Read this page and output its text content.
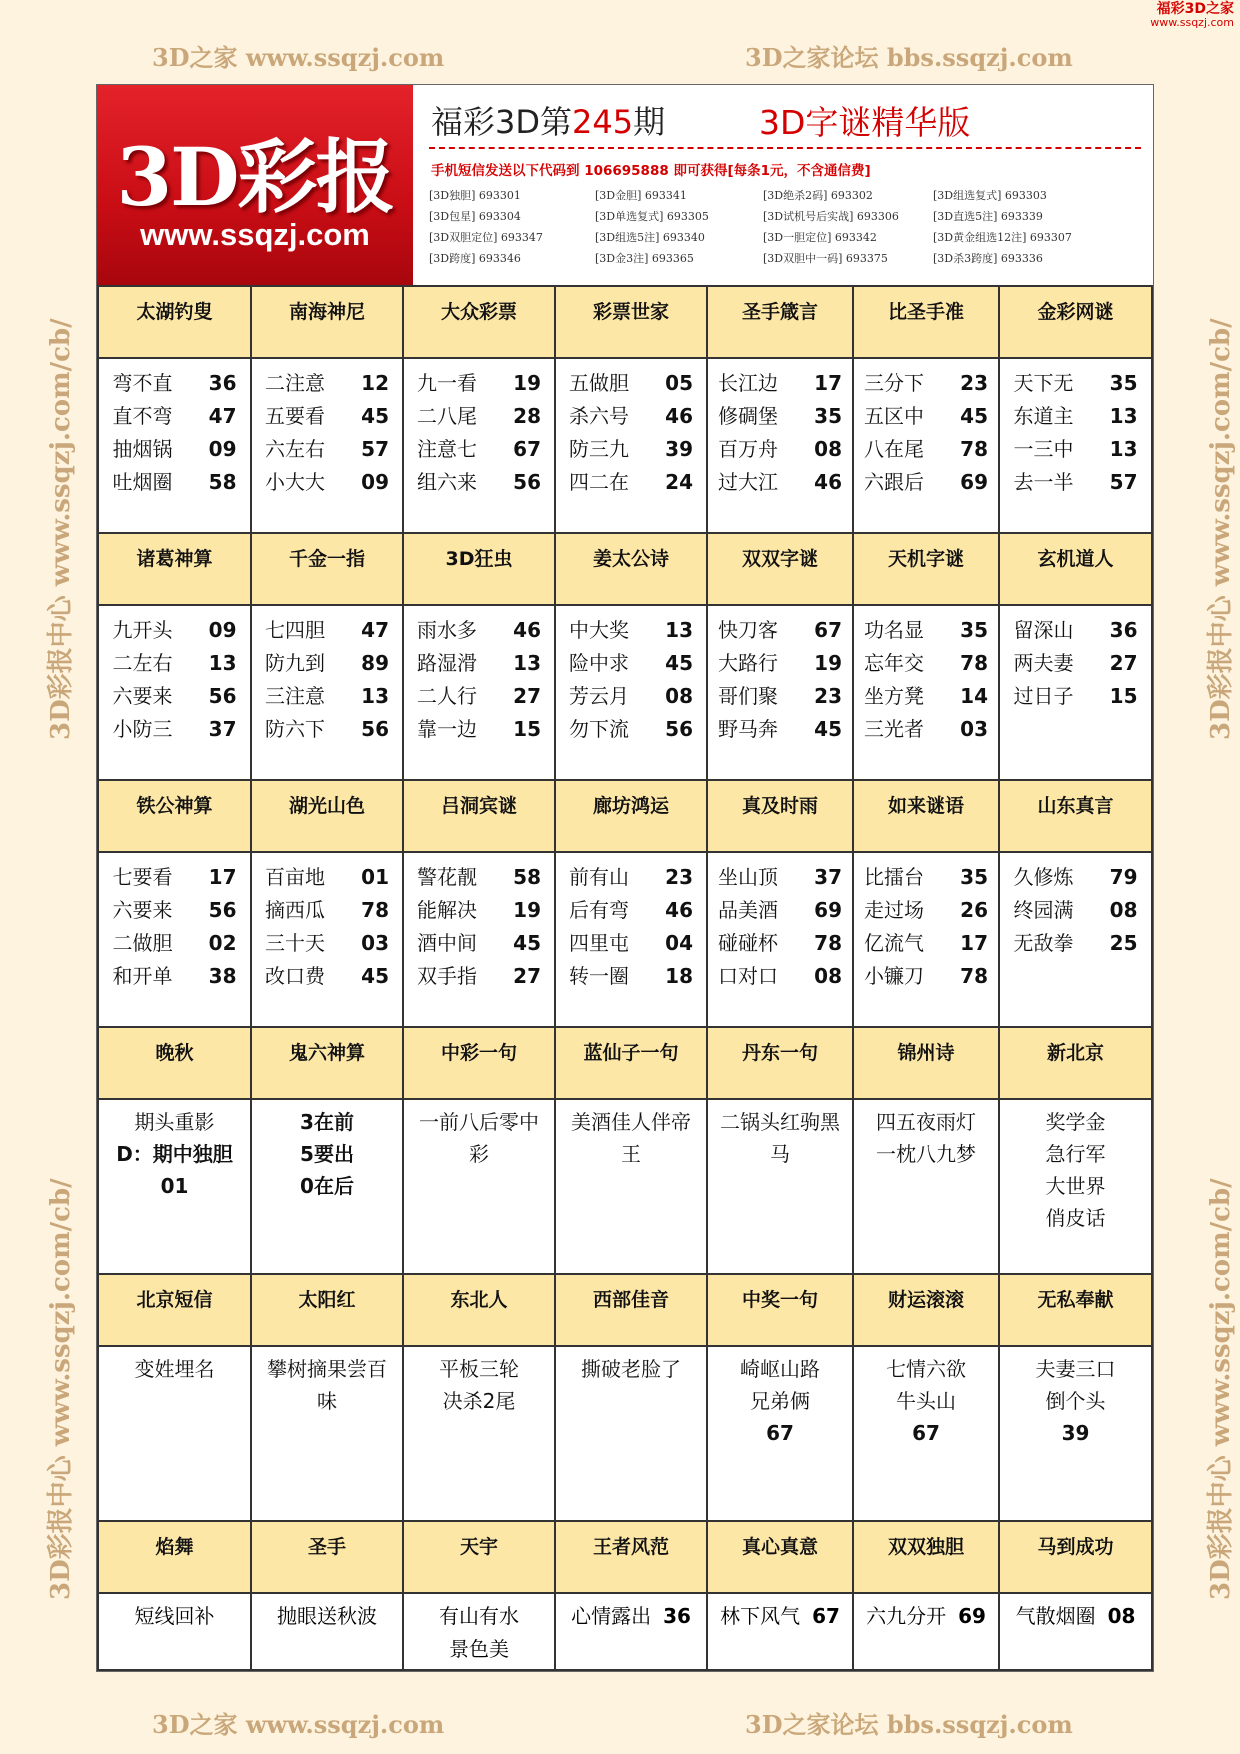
3D之家 www.ssqzj.com	3D之家论坛 bbs.ssqzj.com
3D之家 www.ssqzj.com	3D之家论坛 bbs.ssqzj.com
福彩3D之家
www.ssqzj.com
3D彩报中心 www.ssqzj.com/cb/
3D彩报中心 www.ssqzj.com/cb/
3D彩报中心 www.ssqzj.com/cb/
3D彩报中心 www.ssqzj.com/cb/
3D彩报
www.ssqzj.com
福彩3D第245期	3D字谜精华版
手机短信发送以下代码到 106695888 即可获得[每条1元，不含通信费]
[3D独胆] 693301	[3D金胆] 693341	[3D绝杀2码] 693302	[3D组选复式] 693303
[3D包星] 693304	[3D单选复式] 693305	[3D试机号后实战] 693306	[3D直选5注] 693339
[3D双胆定位] 693347	[3D组选5注] 693340	[3D一胆定位] 693342	[3D黄金组选12注] 693307
[3D跨度] 693346	[3D金3注] 693365	[3D双胆中一码] 693375	[3D杀3跨度] 693336
太湖钓叟
弯不直	36
直不弯	47
抽烟锅	09
吐烟圈	58
南海神尼
二注意	12
五要看	45
六左右	57
小大大	09
大众彩票
九一看	19
二八尾	28
注意七	67
组六来	56
彩票世家
五做胆	05
杀六号	46
防三九	39
四二在	24
圣手箴言
长江边	17
修碉堡	35
百万舟	08
过大江	46
比圣手准
三分下	23
五区中	45
八在尾	78
六跟后	69
金彩网谜
天下无	35
东道主	13
一三中	13
去一半	57
诸葛神算
九开头	09
二左右	13
六要来	56
小防三	37
千金一指
七四胆	47
防九到	89
三注意	13
防六下	56
3D狂虫
雨水多	46
路湿滑	13
二人行	27
靠一边	15
姜太公诗
中大奖	13
险中求	45
芳云月	08
勿下流	56
双双字谜
快刀客	67
大路行	19
哥们聚	23
野马奔	45
天机字谜
功名显	35
忘年交	78
坐方凳	14
三光者	03
玄机道人
留深山	36
两夫妻	27
过日子	15
铁公神算
七要看	17
六要来	56
二做胆	02
和开单	38
湖光山色
百亩地	01
摘西瓜	78
三十天	03
改口费	45
吕洞宾谜
警花靓	58
能解决	19
酒中间	45
双手指	27
廊坊鸿运
前有山	23
后有弯	46
四里屯	04
转一圈	18
真及时雨
坐山顶	37
品美酒	69
碰碰杯	78
口对口	08
如来谜语
比擂台	35
走过场	26
亿流气	17
小镰刀	78
山东真言
久修炼	79
终园满	08
无敌拳	25
晚秋
期头重影
D：期中独胆
01
鬼六神算
3在前
5要出
0在后
中彩一句
一前八后零中
彩
蓝仙子一句
美酒佳人伴帝
王
丹东一句
二锅头红驹黑
马
锦州诗
四五夜雨灯
一枕八九梦
新北京
奖学金
急行军
大世界
俏皮话
北京短信
变姓埋名
太阳红
攀树摘果尝百
味
东北人
平板三轮
决杀2尾
西部佳音
撕破老脸了
中奖一句
崎岖山路
兄弟俩
67
财运滚滚
七情六欲
牛头山
67
无私奉献
夫妻三口
倒个头
39
焰舞
短线回补
圣手
抛眼送秋波
天宇
有山有水
景色美
王者风范
心情露出 36
真心真意
林下风气 67
双双独胆
六九分开 69
马到成功
气散烟圈 08
